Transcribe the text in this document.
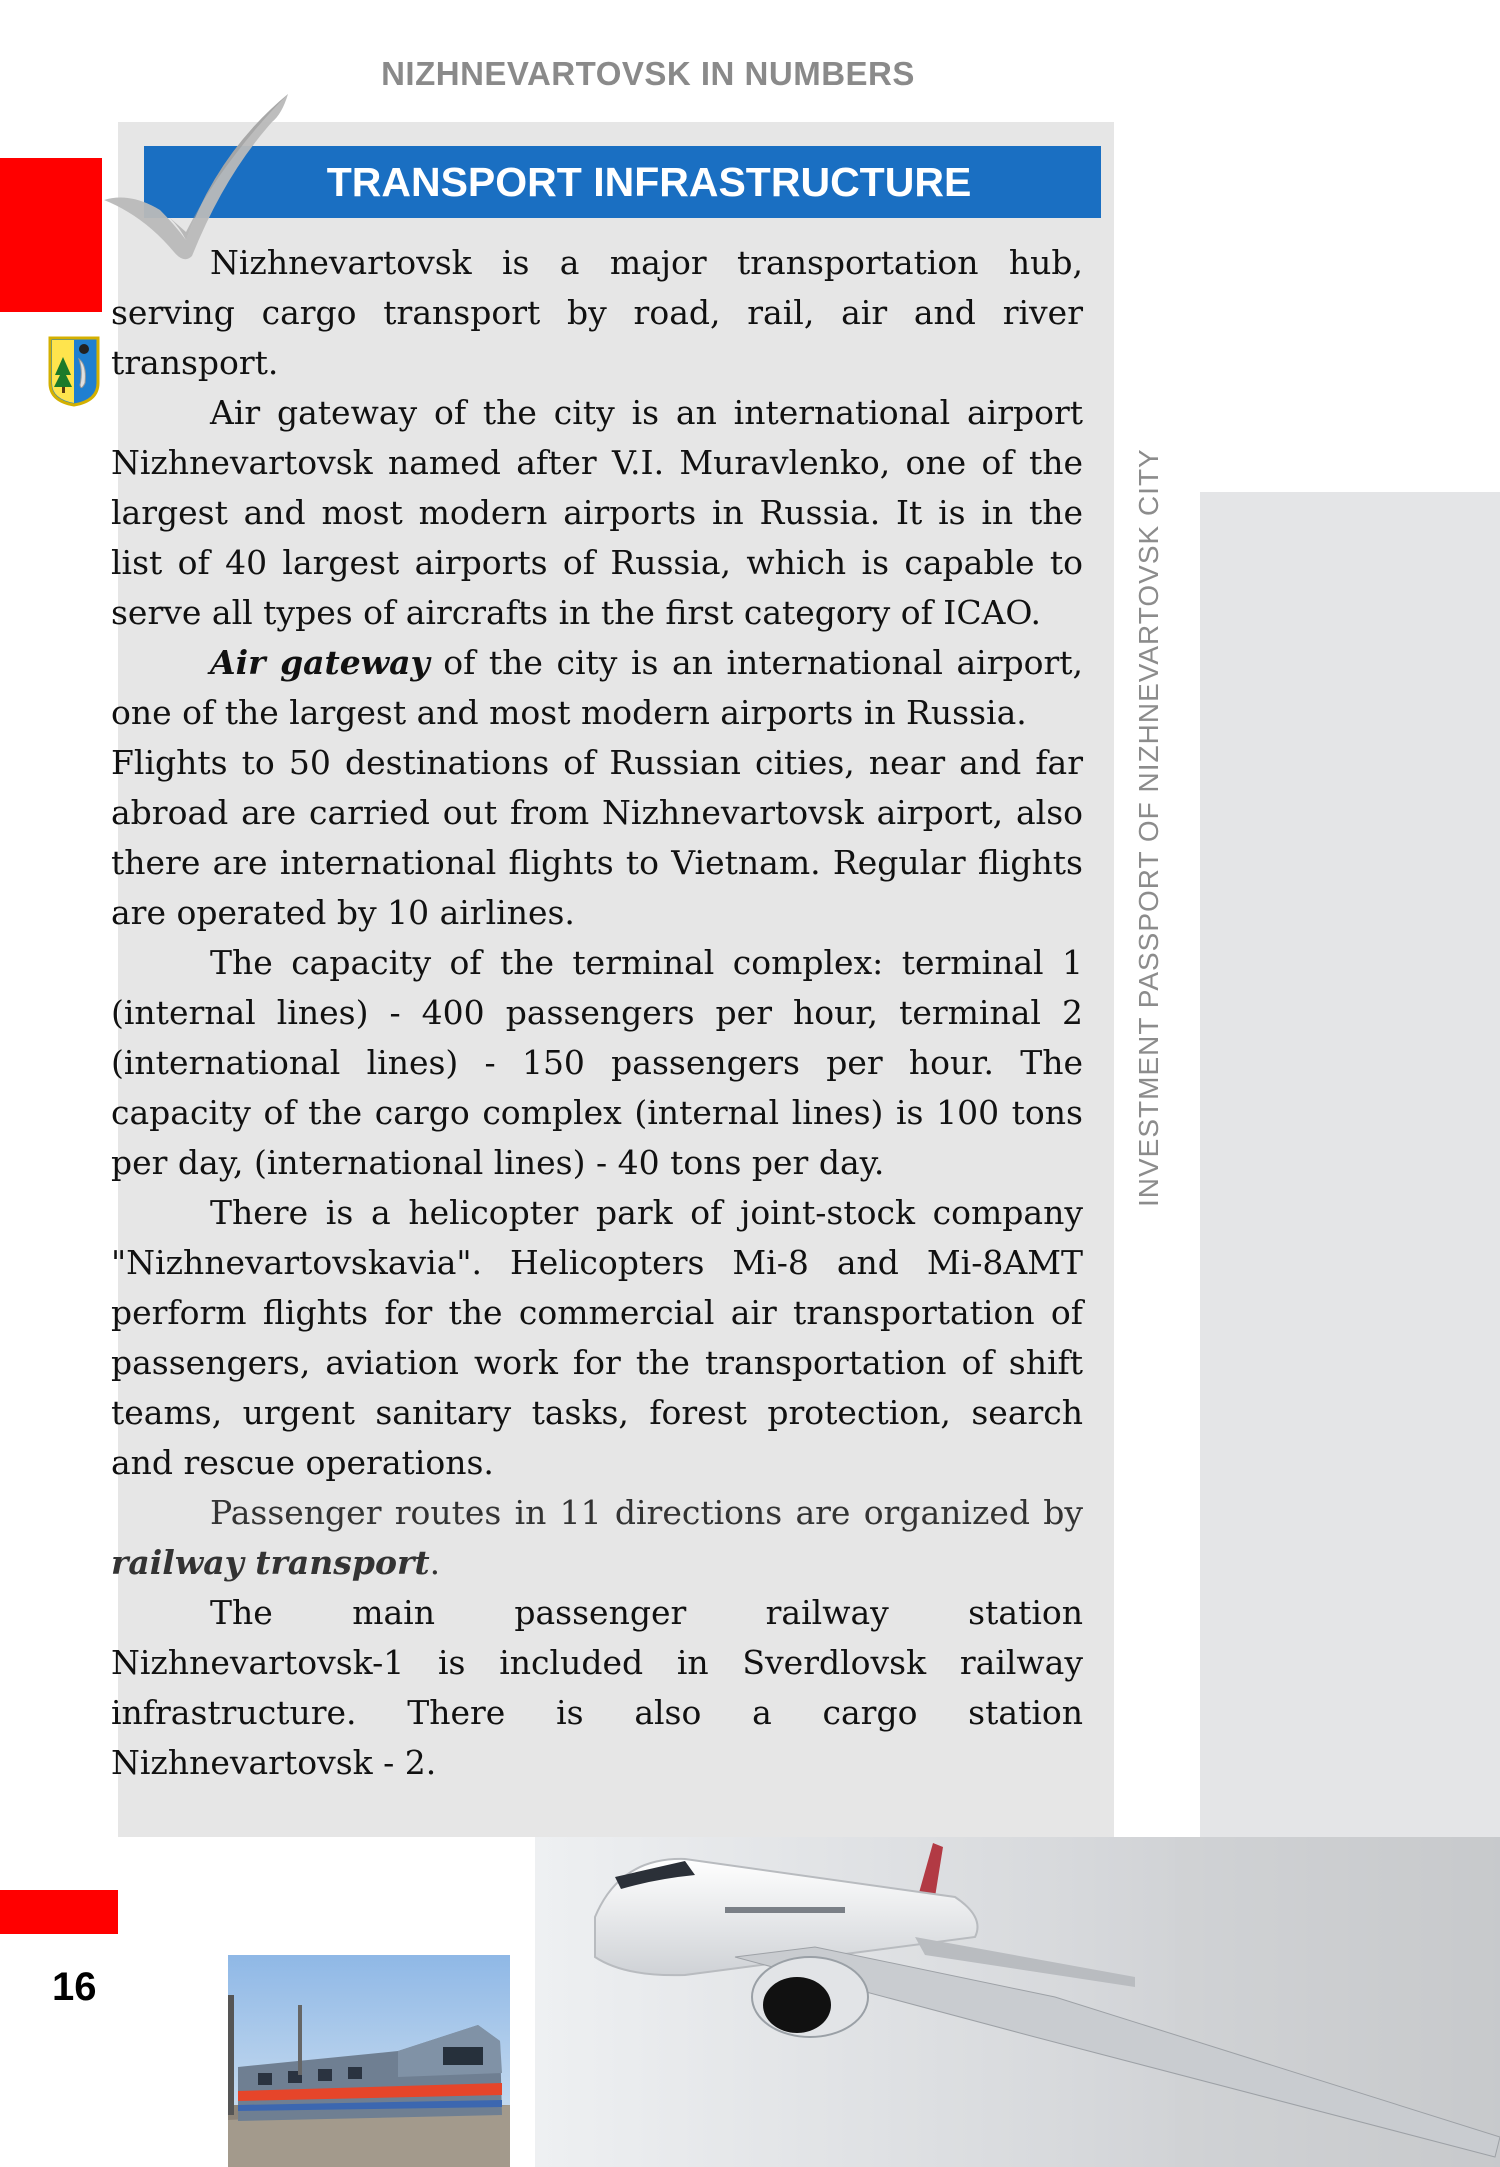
NIZHNEVARTOVSK IN NUMBERS
INVESTMENT PASSPORT OF NIZHNEVARTOVSK CITY
TRANSPORT INFRASTRUCTURE

Nizhnevartovsk is a major transportation hub, serving cargo transport by road, rail, air and river transport.

Air gateway of the city is an international airport Nizhnevartovsk named after V.I. Muravlenko, one of the largest and most modern airports in Russia. It is in the list of 40 largest airports of Russia, which is capable to serve all types of aircrafts in the first category of ICAO.

Air gateway of the city is an international airport, one of the largest and most modern airports in Russia.

Flights to 50 destinations of Russian cities, near and far abroad are carried out from Nizhnevartovsk airport, also there are international flights to Vietnam. Regular flights are operated by 10 airlines.

The capacity of the terminal complex: terminal 1 (internal lines) - 400 passengers per hour, terminal 2 (international lines) - 150 passengers per hour. The capacity of the cargo complex (internal lines) is 100 tons per day, (international lines) - 40 tons per day.

There is a helicopter park of joint-stock company "Nizhnevartovskavia". Helicopters Mi-8 and Mi-8AMT perform flights for the commercial air transportation of passengers, aviation work for the transportation of shift teams, urgent sanitary tasks, forest protection, search and rescue operations.

Passenger routes in 11 directions are organized by railway transport.

The main passenger railway station Nizhnevartovsk-1 is included in Sverdlovsk railway infrastructure. There is also a cargo station Nizhnevartovsk - 2.

16
